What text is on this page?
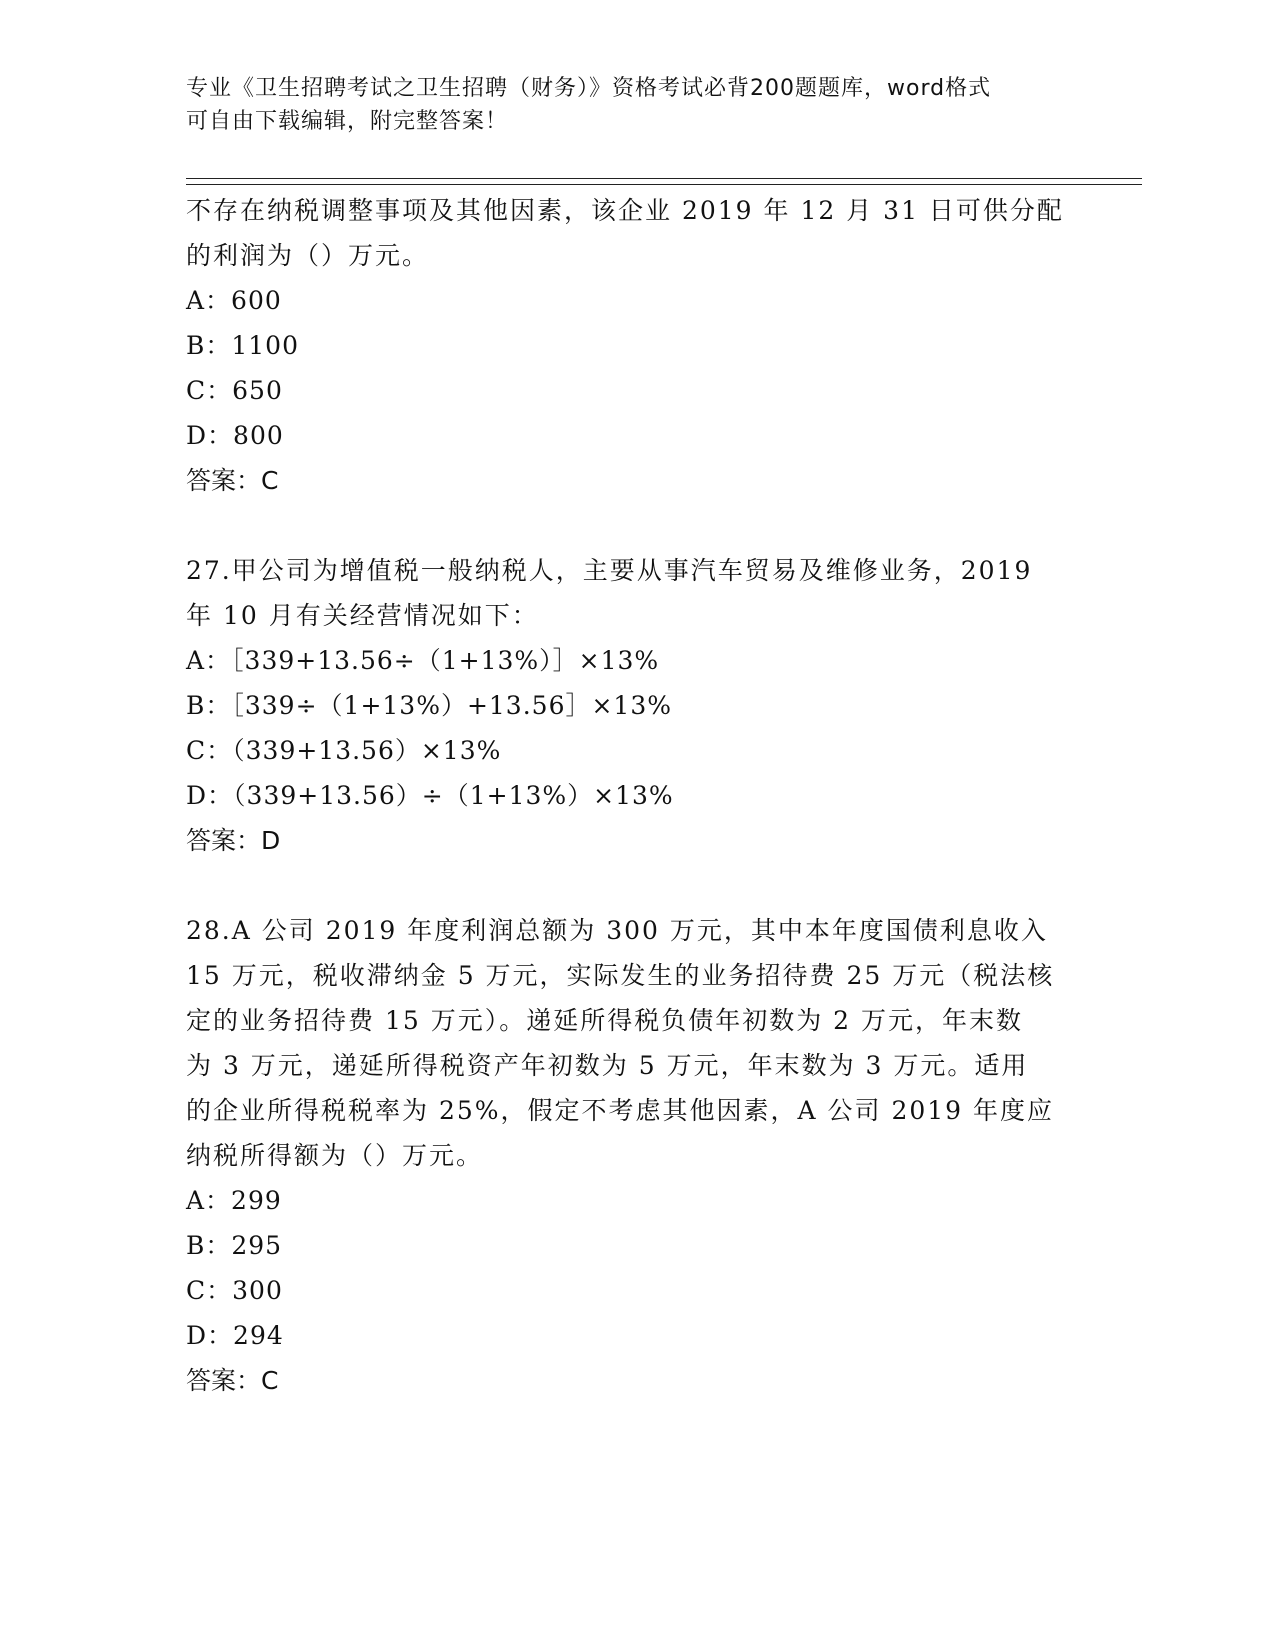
专业《卫生招聘考试之卫生招聘（财务）》资格考试必背200题题库，word格式
可自由下载编辑，附完整答案！

不存在纳税调整事项及其他因素，该企业 2019 年 12 月 31 日可供分配

的利润为（）万元。

A：600

B：1100

C：650

D：800

答案：C

27.甲公司为增值税一般纳税人，主要从事汽车贸易及维修业务，2019

年 10 月有关经营情况如下：

A：［339+13.56÷（1+13%）］×13%

B：［339÷（1+13%）+13.56］×13%

C：（339+13.56）×13%

D：（339+13.56）÷（1+13%）×13%

答案：D

28.A 公司 2019 年度利润总额为 300 万元，其中本年度国债利息收入

15 万元，税收滞纳金 5 万元，实际发生的业务招待费 25 万元（税法核

定的业务招待费 15 万元）。递延所得税负债年初数为 2 万元，年末数

为 3 万元，递延所得税资产年初数为 5 万元，年末数为 3 万元。适用

的企业所得税税率为 25%，假定不考虑其他因素，A 公司 2019 年度应

纳税所得额为（）万元。

A：299

B：295

C：300

D：294

答案：C
